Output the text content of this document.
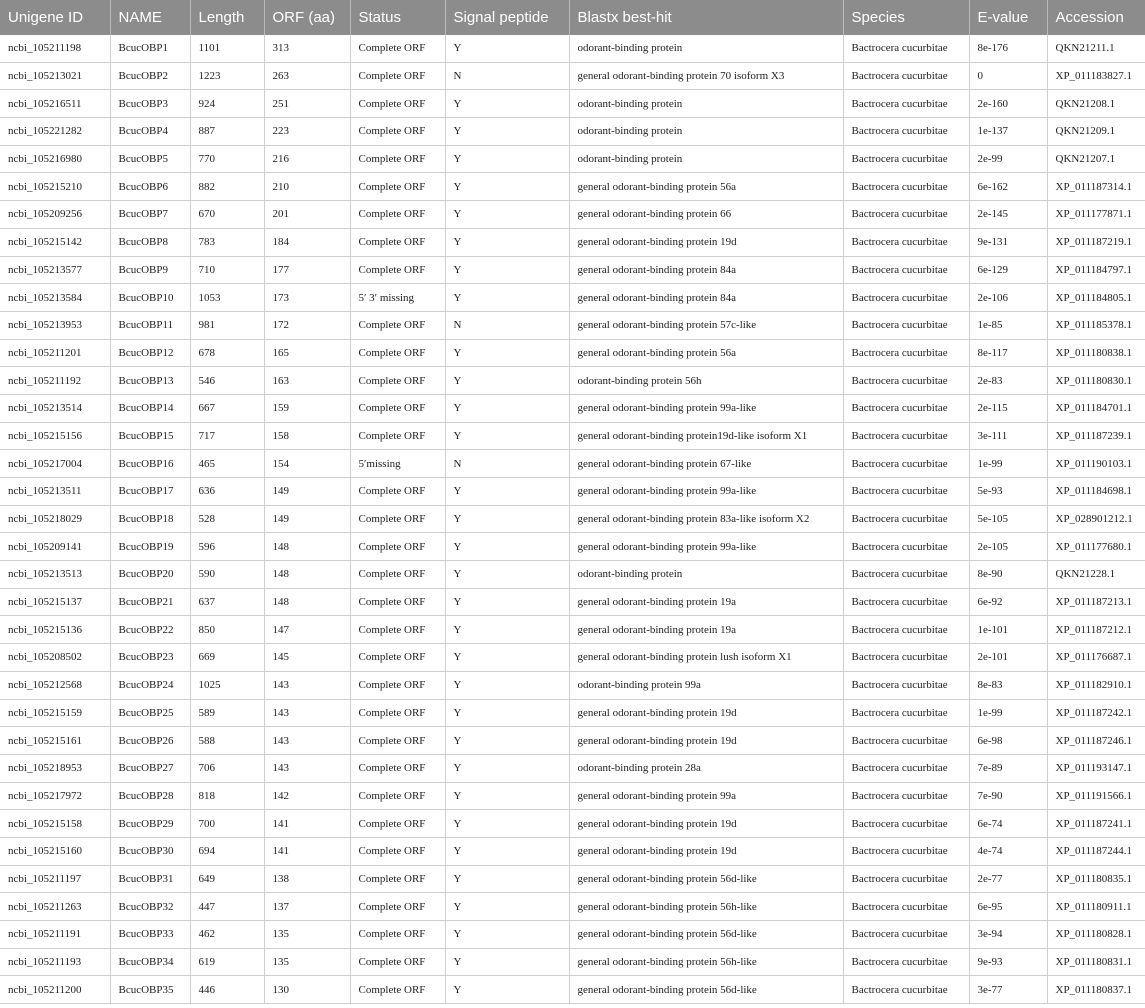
Unigene ID	NAME	Length	ORF (aa)	Status	Signal peptide	Blastx best-hit	Species	E-value	Accession
ncbi_105211198	BcucOBP1	1101	313	Complete ORF	Y	odorant-binding protein	Bactrocera cucurbitae	8e-176	QKN21211.1
ncbi_105213021	BcucOBP2	1223	263	Complete ORF	N	general odorant-binding protein 70 isoform X3	Bactrocera cucurbitae	0	XP_011183827.1
ncbi_105216511	BcucOBP3	924	251	Complete ORF	Y	odorant-binding protein	Bactrocera cucurbitae	2e-160	QKN21208.1
ncbi_105221282	BcucOBP4	887	223	Complete ORF	Y	odorant-binding protein	Bactrocera cucurbitae	1e-137	QKN21209.1
ncbi_105216980	BcucOBP5	770	216	Complete ORF	Y	odorant-binding protein	Bactrocera cucurbitae	2e-99	QKN21207.1
ncbi_105215210	BcucOBP6	882	210	Complete ORF	Y	general odorant-binding protein 56a	Bactrocera cucurbitae	6e-162	XP_011187314.1
ncbi_105209256	BcucOBP7	670	201	Complete ORF	Y	general odorant-binding protein 66	Bactrocera cucurbitae	2e-145	XP_011177871.1
ncbi_105215142	BcucOBP8	783	184	Complete ORF	Y	general odorant-binding protein 19d	Bactrocera cucurbitae	9e-131	XP_011187219.1
ncbi_105213577	BcucOBP9	710	177	Complete ORF	Y	general odorant-binding protein 84a	Bactrocera cucurbitae	6e-129	XP_011184797.1
ncbi_105213584	BcucOBP10	1053	173	5′ 3′ missing	Y	general odorant-binding protein 84a	Bactrocera cucurbitae	2e-106	XP_011184805.1
ncbi_105213953	BcucOBP11	981	172	Complete ORF	N	general odorant-binding protein 57c-like	Bactrocera cucurbitae	1e-85	XP_011185378.1
ncbi_105211201	BcucOBP12	678	165	Complete ORF	Y	general odorant-binding protein 56a	Bactrocera cucurbitae	8e-117	XP_011180838.1
ncbi_105211192	BcucOBP13	546	163	Complete ORF	Y	odorant-binding protein 56h	Bactrocera cucurbitae	2e-83	XP_011180830.1
ncbi_105213514	BcucOBP14	667	159	Complete ORF	Y	general odorant-binding protein 99a-like	Bactrocera cucurbitae	2e-115	XP_011184701.1
ncbi_105215156	BcucOBP15	717	158	Complete ORF	Y	general odorant-binding protein19d-like isoform X1	Bactrocera cucurbitae	3e-111	XP_011187239.1
ncbi_105217004	BcucOBP16	465	154	5′missing	N	general odorant-binding protein 67-like	Bactrocera cucurbitae	1e-99	XP_011190103.1
ncbi_105213511	BcucOBP17	636	149	Complete ORF	Y	general odorant-binding protein 99a-like	Bactrocera cucurbitae	5e-93	XP_011184698.1
ncbi_105218029	BcucOBP18	528	149	Complete ORF	Y	general odorant-binding protein 83a-like isoform X2	Bactrocera cucurbitae	5e-105	XP_028901212.1
ncbi_105209141	BcucOBP19	596	148	Complete ORF	Y	general odorant-binding protein 99a-like	Bactrocera cucurbitae	2e-105	XP_011177680.1
ncbi_105213513	BcucOBP20	590	148	Complete ORF	Y	odorant-binding protein	Bactrocera cucurbitae	8e-90	QKN21228.1
ncbi_105215137	BcucOBP21	637	148	Complete ORF	Y	general odorant-binding protein 19a	Bactrocera cucurbitae	6e-92	XP_011187213.1
ncbi_105215136	BcucOBP22	850	147	Complete ORF	Y	general odorant-binding protein 19a	Bactrocera cucurbitae	1e-101	XP_011187212.1
ncbi_105208502	BcucOBP23	669	145	Complete ORF	Y	general odorant-binding protein lush isoform X1	Bactrocera cucurbitae	2e-101	XP_011176687.1
ncbi_105212568	BcucOBP24	1025	143	Complete ORF	Y	odorant-binding protein 99a	Bactrocera cucurbitae	8e-83	XP_011182910.1
ncbi_105215159	BcucOBP25	589	143	Complete ORF	Y	general odorant-binding protein 19d	Bactrocera cucurbitae	1e-99	XP_011187242.1
ncbi_105215161	BcucOBP26	588	143	Complete ORF	Y	general odorant-binding protein 19d	Bactrocera cucurbitae	6e-98	XP_011187246.1
ncbi_105218953	BcucOBP27	706	143	Complete ORF	Y	odorant-binding protein 28a	Bactrocera cucurbitae	7e-89	XP_011193147.1
ncbi_105217972	BcucOBP28	818	142	Complete ORF	Y	general odorant-binding protein 99a	Bactrocera cucurbitae	7e-90	XP_011191566.1
ncbi_105215158	BcucOBP29	700	141	Complete ORF	Y	general odorant-binding protein 19d	Bactrocera cucurbitae	6e-74	XP_011187241.1
ncbi_105215160	BcucOBP30	694	141	Complete ORF	Y	general odorant-binding protein 19d	Bactrocera cucurbitae	4e-74	XP_011187244.1
ncbi_105211197	BcucOBP31	649	138	Complete ORF	Y	general odorant-binding protein 56d-like	Bactrocera cucurbitae	2e-77	XP_011180835.1
ncbi_105211263	BcucOBP32	447	137	Complete ORF	Y	general odorant-binding protein 56h-like	Bactrocera cucurbitae	6e-95	XP_011180911.1
ncbi_105211191	BcucOBP33	462	135	Complete ORF	Y	general odorant-binding protein 56d-like	Bactrocera cucurbitae	3e-94	XP_011180828.1
ncbi_105211193	BcucOBP34	619	135	Complete ORF	Y	general odorant-binding protein 56h-like	Bactrocera cucurbitae	9e-93	XP_011180831.1
ncbi_105211200	BcucOBP35	446	130	Complete ORF	Y	general odorant-binding protein 56d-like	Bactrocera cucurbitae	3e-77	XP_011180837.1
